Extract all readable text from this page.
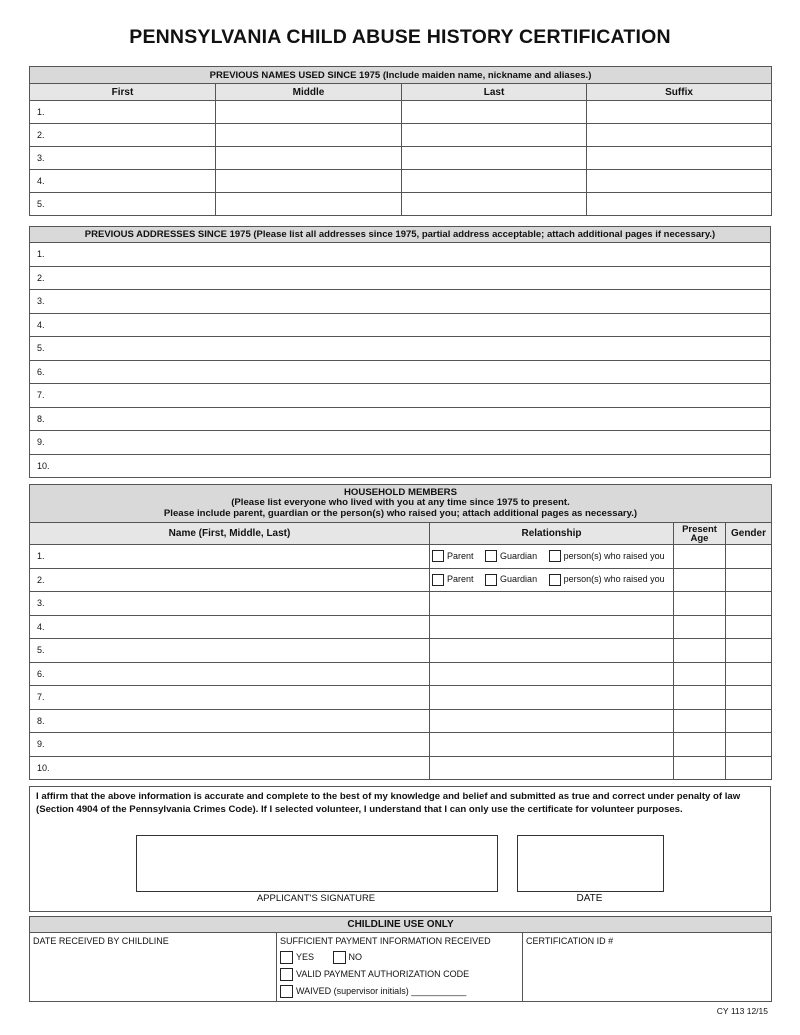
PENNSYLVANIA CHILD ABUSE HISTORY CERTIFICATION
PREVIOUS NAMES USED SINCE 1975 (Include maiden name, nickname and aliases.)			
First	Middle	Last	Suffix
1.			
2.			
3.			
4.			
5.			
PREVIOUS ADDRESSES SINCE 1975 (Please list all addresses since 1975, partial address acceptable; attach additional pages if necessary.)
1.
2.
3.
4.
5.
6.
7.
8.
9.
10.
HOUSEHOLD MEMBERS
(Please list everyone who lived with you at any time since 1975 to present.
Please include parent, guardian or the person(s) who raised you; attach additional pages as necessary.)			

Name (First, Middle, Last)	Relationship	Present Age	Gender
1.	Parent Guardian person(s) who raised you		
2.	Parent Guardian person(s) who raised you		
3.			
4.			
5.			
6.			
7.			
8.			
9.			
10.			
I affirm that the above information is accurate and complete to the best of my knowledge and belief and submitted as true and correct under penalty of law (Section 4904 of the Pennsylvania Crimes Code). If I selected volunteer, I understand that I can only use the certificate for volunteer purposes.
APPLICANT'S SIGNATURE	DATE
CHILDLINE USE ONLY
DATE RECEIVED BY CHILDLINE	SUFFICIENT PAYMENT INFORMATION RECEIVED
YES	NO
VALID PAYMENT AUTHORIZATION CODE
WAIVED (supervisor initials) ___________
	CERTIFICATION ID #
CY 113 12/15
